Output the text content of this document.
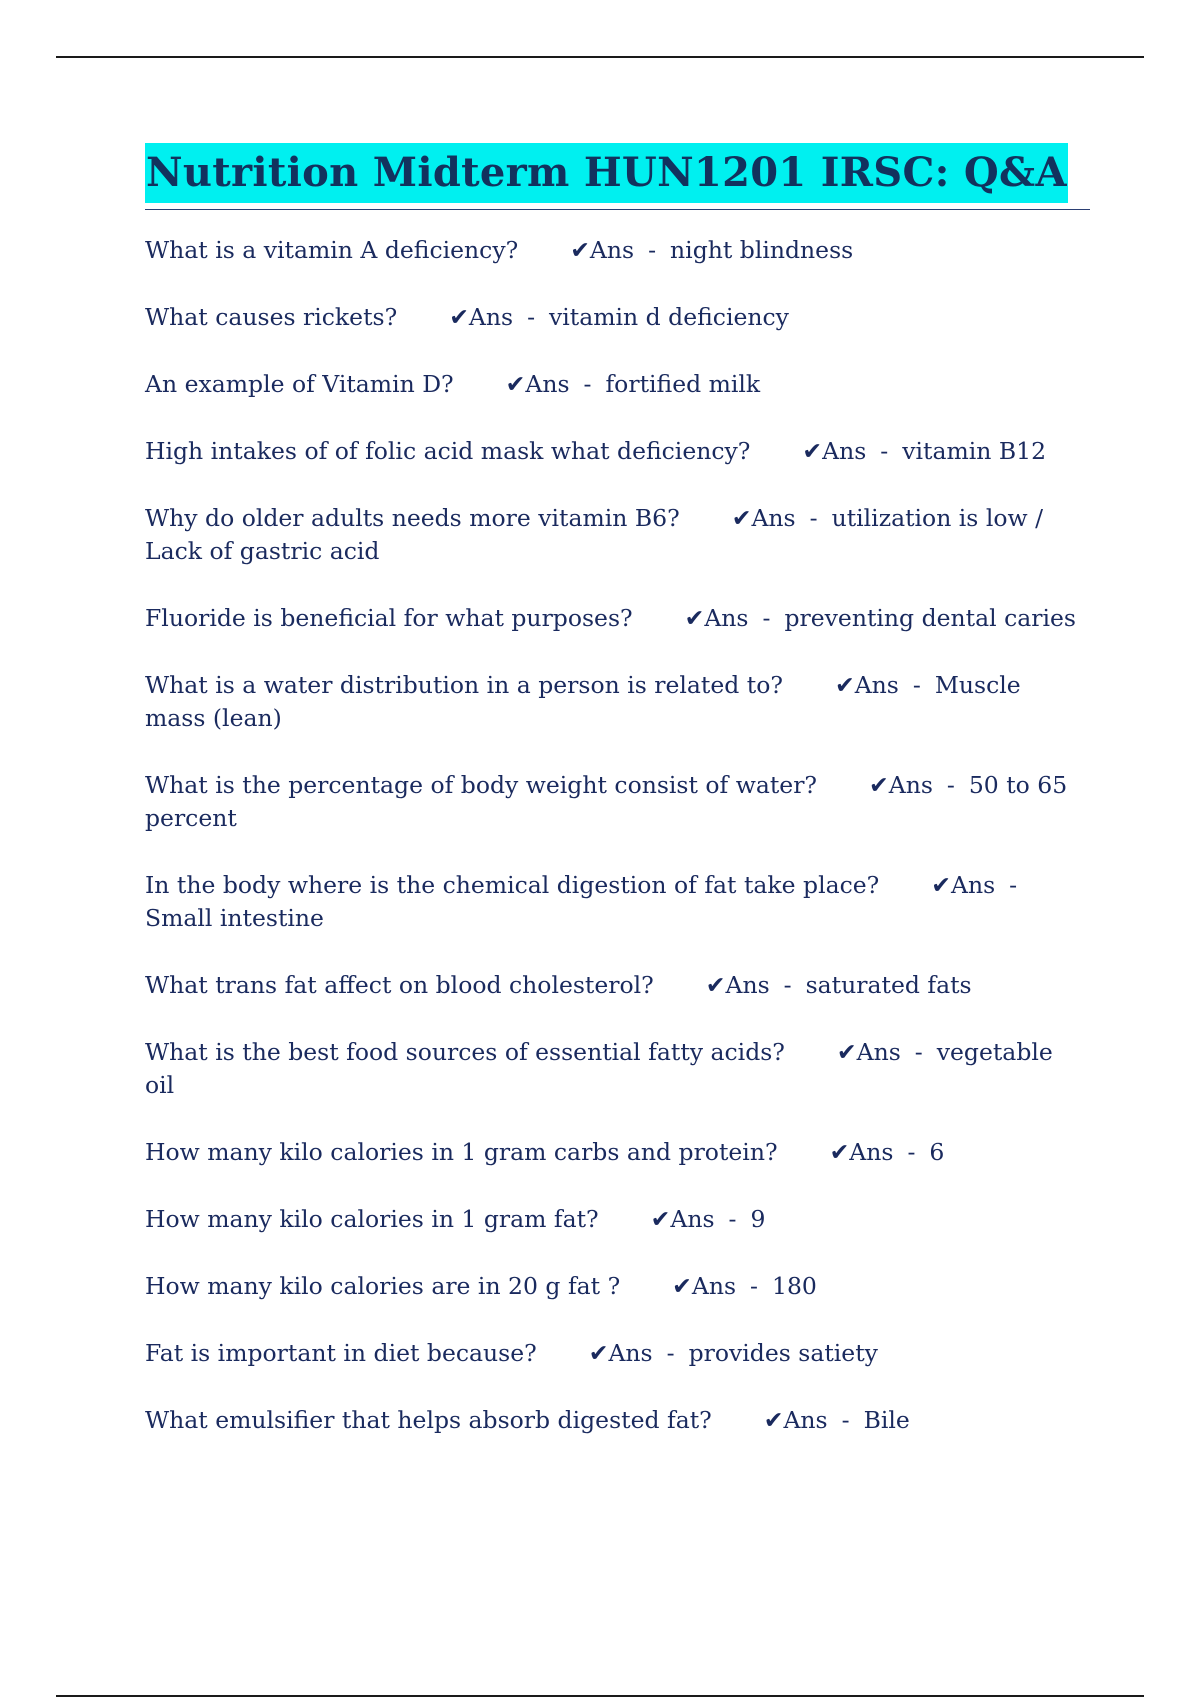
Nutrition Midterm HUN1201 IRSC: Q&A
What is a vitamin A deficiency? ✔Ans - night blindness
What causes rickets? ✔Ans - vitamin d deficiency
An example of Vitamin D? ✔Ans - fortified milk
High intakes of of folic acid mask what deficiency? ✔Ans - vitamin B12
Why do older adults needs more vitamin B6? ✔Ans - utilization is low / Lack of gastric acid
Fluoride is beneficial for what purposes? ✔Ans - preventing dental caries
What is a water distribution in a person is related to? ✔Ans - Muscle mass (lean)
What is the percentage of body weight consist of water? ✔Ans - 50 to 65 percent
In the body where is the chemical digestion of fat take place? ✔Ans -Small intestine
What trans fat affect on blood cholesterol? ✔Ans - saturated fats
What is the best food sources of essential fatty acids? ✔Ans - vegetable oil
How many kilo calories in 1 gram carbs and protein? ✔Ans - 6
How many kilo calories in 1 gram fat? ✔Ans - 9
How many kilo calories are in 20 g fat ? ✔Ans - 180
Fat is important in diet because? ✔Ans - provides satiety
What emulsifier that helps absorb digested fat? ✔Ans - Bile
